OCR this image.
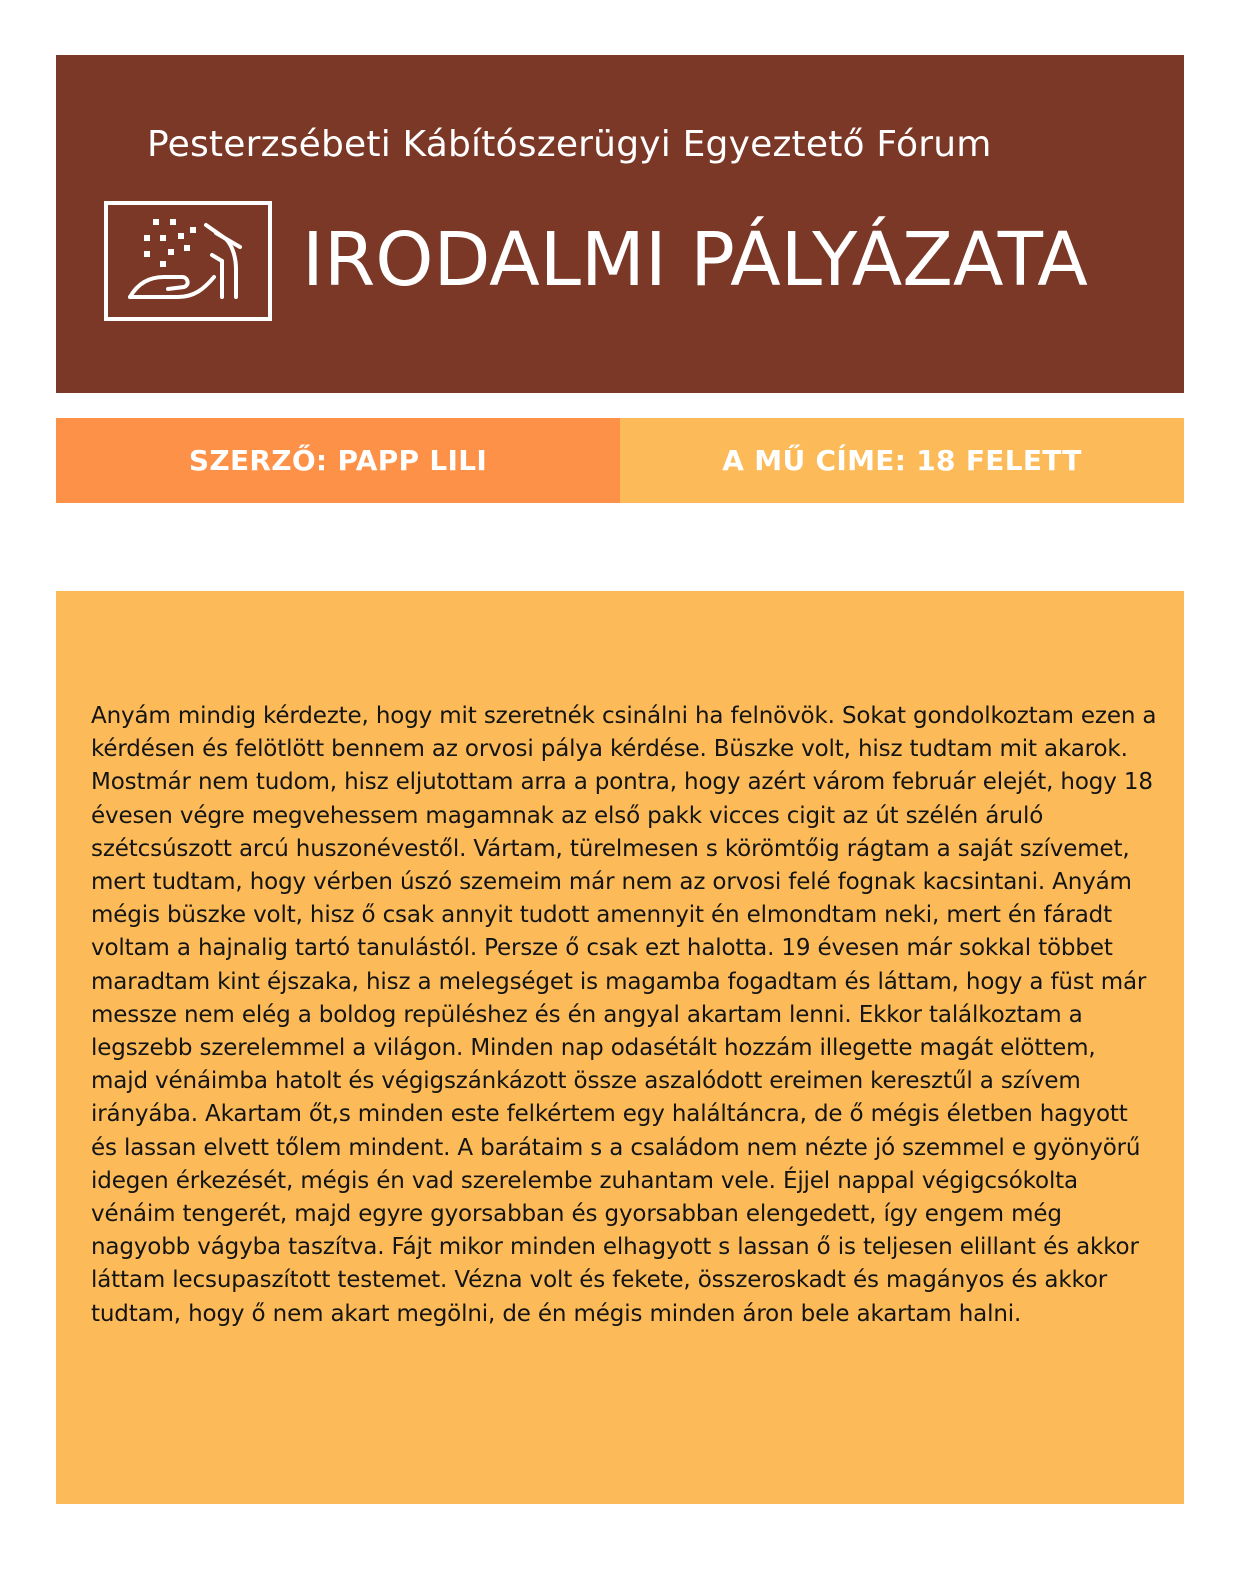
Pesterzsébeti Kábítószerügyi Egyeztető Fórum
IRODALMI PÁLYÁZATA
SZERZŐ: PAPP LILI	A MŰ CÍME: 18 FELETT

Anyám mindig kérdezte, hogy mit szeretnék csinálni ha felnövök. Sokat gondolkoztam ezen a kérdésen és felötlött bennem az orvosi pálya kérdése. Büszke volt, hisz tudtam mit akarok. Mostmár nem tudom, hisz eljutottam arra a pontra, hogy azért várom február elejét, hogy 18 évesen végre megvehessem magamnak az első pakk vicces cigit az út szélén áruló szétcsúszott arcú huszonévestől. Vártam, türelmesen s körömtőig rágtam a saját szívemet, mert tudtam, hogy vérben úszó szemeim már nem az orvosi felé fognak kacsintani. Anyám mégis büszke volt, hisz ő csak annyit tudott amennyit én elmondtam neki, mert én fáradt voltam a hajnalig tartó tanulástól. Persze ő csak ezt halotta. 19 évesen már sokkal többet maradtam kint éjszaka, hisz a melegséget is magamba fogadtam és láttam, hogy a füst már messze nem elég a boldog repüléshez és én angyal akartam lenni. Ekkor találkoztam a legszebb szerelemmel a világon. Minden nap odasétált hozzám illegette magát elöttem, majd vénáimba hatolt és végigszánkázott össze aszalódott ereimen keresztűl a szívem irányába. Akartam őt,s minden este felkértem egy haláltáncra, de ő mégis életben hagyott és lassan elvett tőlem mindent. A barátaim s a családom nem nézte jó szemmel e gyönyörű idegen érkezését, mégis én vad szerelembe zuhantam vele. Éjjel nappal végigcsókolta vénáim tengerét, majd egyre gyorsabban és gyorsabban elengedett, így engem még nagyobb vágyba taszítva. Fájt mikor minden elhagyott s lassan ő is teljesen elillant és akkor láttam lecsupaszított testemet. Vézna volt és fekete, összeroskadt és magányos és akkor tudtam, hogy ő nem akart megölni, de én mégis minden áron bele akartam halni.
